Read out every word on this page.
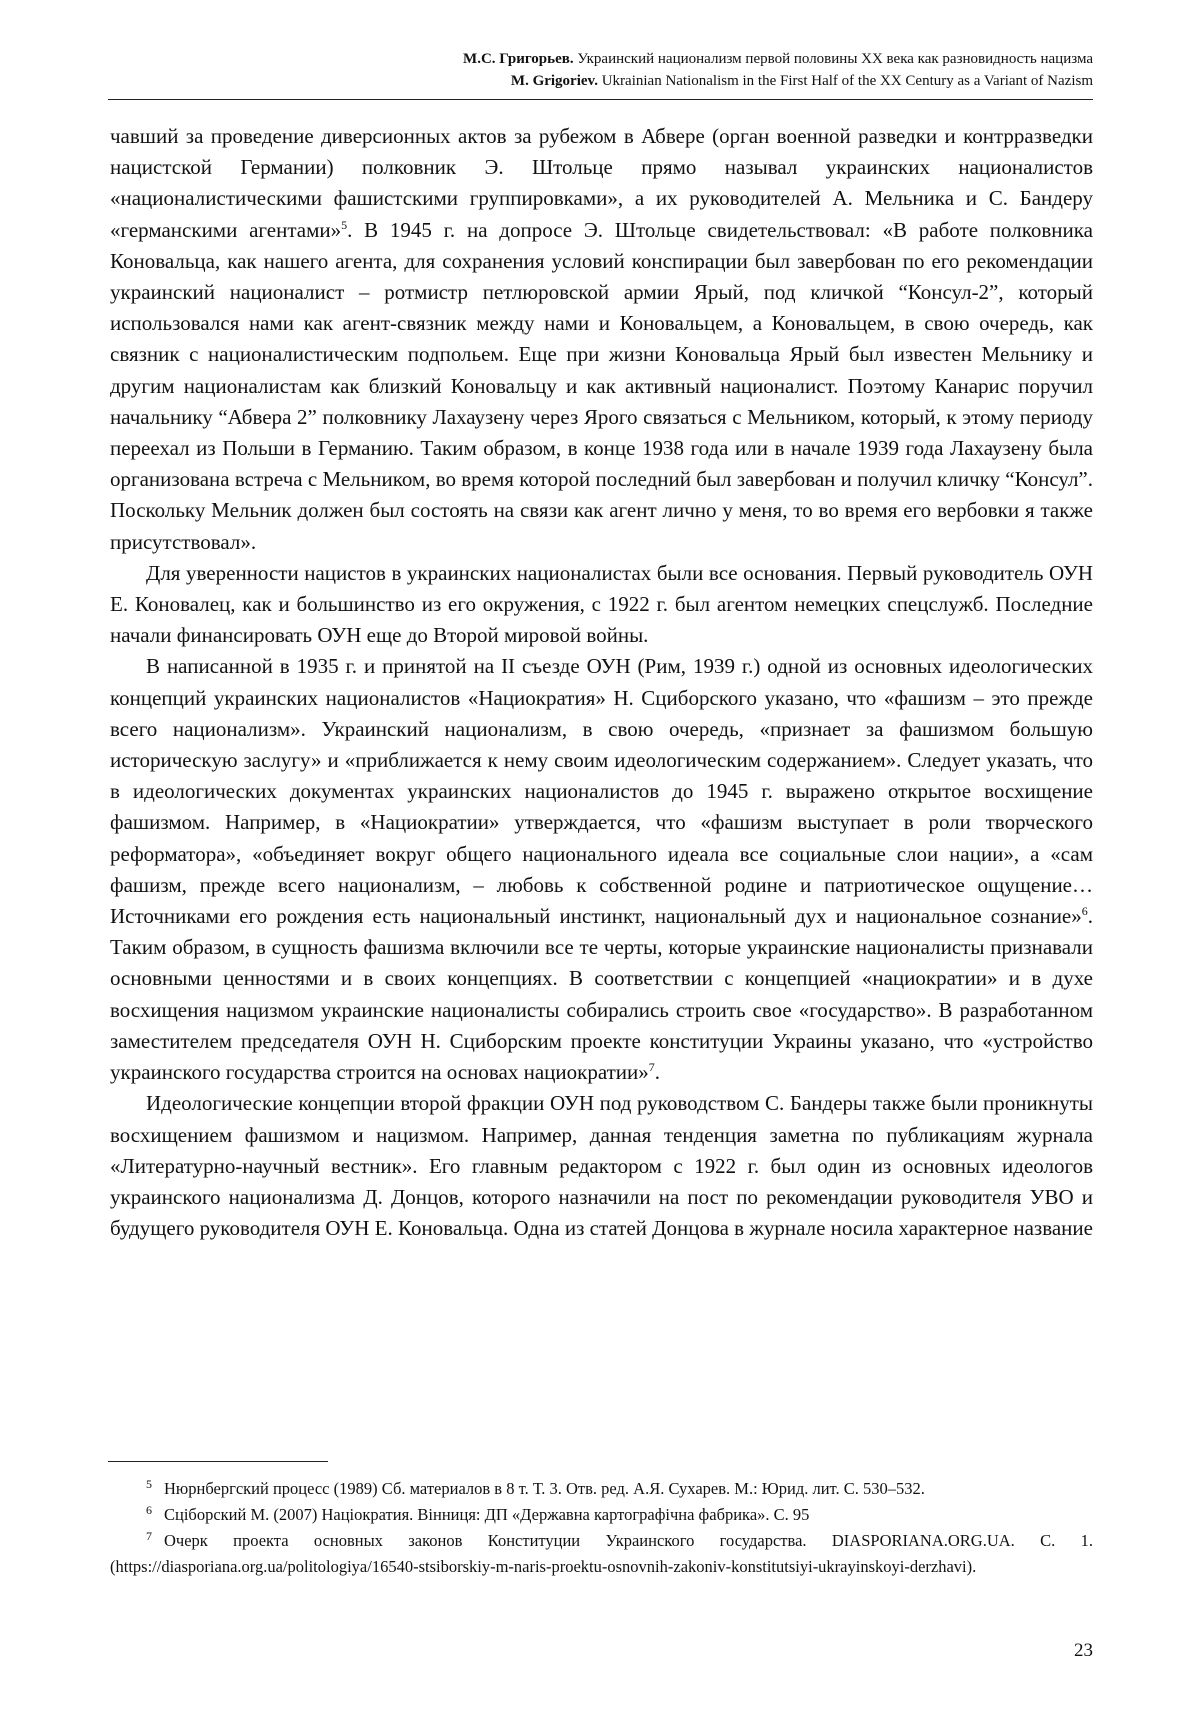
М.С. Григорьев. Украинский национализм первой половины XX века как разновидность нацизма
M. Grigoriev. Ukrainian Nationalism in the First Half of the XX Century as a Variant of Nazism

чавший за проведение диверсионных актов за рубежом в Абвере (орган военной разведки и контрразведки нацистской Германии) полковник Э. Штольце прямо называл украинских националистов «националистическими фашистскими группировками», а их руководителей А. Мельника и С. Бандеру «германскими агентами»$^5$. В 1945 г. на допросе Э. Штольце свидетельствовал: «В работе полковника Коновальца, как нашего агента, для сохранения условий конспирации был завербован по его рекомендации украинский националист – ротмистр петлюровской армии Ярый, под кличкой “Консул-2”, который использовался нами как агент-связник между нами и Коновальцем, а Коновальцем, в свою очередь, как связник с националистическим подпольем. Еще при жизни Коновальца Ярый был известен Мельнику и другим националистам как близкий Коновальцу и как активный националист. Поэтому Канарис поручил начальнику “Абвера 2” полковнику Лахаузену через Ярого связаться с Мельником, который, к этому периоду переехал из Польши в Германию. Таким образом, в конце 1938 года или в начале 1939 года Лахаузену была организована встреча с Мельником, во время которой последний был завербован и получил кличку “Консул”. Поскольку Мельник должен был состоять на связи как агент лично у меня, то во время его вербовки я также присутствовал».

Для уверенности нацистов в украинских националистах были все основания. Первый руководитель ОУН Е. Коновалец, как и большинство из его окружения, с 1922 г. был агентом немецких спецслужб. Последние начали финансировать ОУН еще до Второй мировой войны.

В написанной в 1935 г. и принятой на II съезде ОУН (Рим, 1939 г.) одной из основных идеологических концепций украинских националистов «Нациократия» Н. Сциборского указано, что «фашизм – это прежде всего национализм». Украинский национализм, в свою очередь, «признает за фашизмом большую историческую заслугу» и «приближается к нему своим идеологическим содержанием». Следует указать, что в идеологических документах украинских националистов до 1945 г. выражено открытое восхищение фашизмом. Например, в «Нациократии» утверждается, что «фашизм выступает в роли творческого реформатора», «объединяет вокруг общего национального идеала все социальные слои нации», а «сам фашизм, прежде всего национализм, – любовь к собственной родине и патриотическое ощущение… Источниками его рождения есть национальный инстинкт, национальный дух и национальное сознание»$^6$. Таким образом, в сущность фашизма включили все те черты, которые украинские националисты признавали основными ценностями и в своих концепциях. В соответствии с концепцией «нациократии» и в духе восхищения нацизмом украинские националисты собирались строить свое «государство». В разработанном заместителем председателя ОУН Н. Сциборским проекте конституции Украины указано, что «устройство украинского государства строится на основах нациократии»$^7$.

Идеологические концепции второй фракции ОУН под руководством С. Бандеры также были проникнуты восхищением фашизмом и нацизмом. Например, данная тенденция заметна по публикациям журнала «Литературно-научный вестник». Его главным редактором с 1922 г. был один из основных идеологов украинского национализма Д. Донцов, которого назначили на пост по рекомендации руководителя УВО и будущего руководителя ОУН Е. Коновальца. Одна из статей Донцова в журнале носила характерное название

$^5$ Нюрнбергский процесс (1989) Сб. материалов в 8 т. Т. 3. Отв. ред. А.Я. Сухарев. М.: Юрид. лит. С. 530–532.

$^6$ Сціборский М. (2007) Націократия. Вінниця: ДП «Державна картографічна фабрика». С. 95

$^7$ Очерк проекта основных законов Конституции Украинского государства. DIASPORIANA.ORG.UA. С. 1. (https://diasporiana.org.ua/politologiya/16540-stsiborskiy-m-naris-proektu-osnovnih-zakoniv-konstitutsiyi-ukrayinskoyi-derzhavi).

23
